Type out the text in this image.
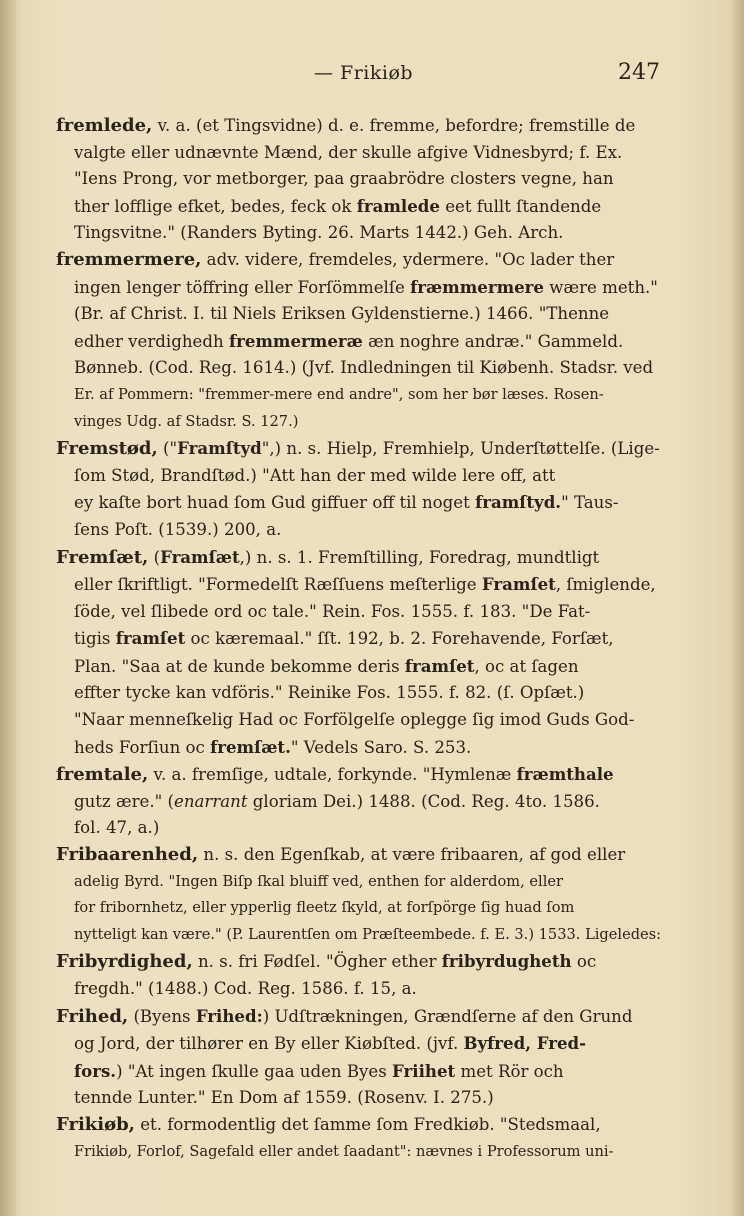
— Frikiøb	247
fremlede, v. a. (et Tingsvidne) d. e. fremme, befordre; fremstille de
valgte eller udnævnte Mænd, der skulle afgive Vidnesbyrd; f. Ex.
"Iens Prong, vor metborger, paa graabrödre closters vegne, han
ther lofflige efket, bedes, feck ok framlede eet fullt ſtandende
Tingsvitne." (Randers Byting. 26. Marts 1442.) Geh. Arch.
fremmermere, adv. videre, fremdeles, ydermere. "Oc lader ther
ingen lenger töffring eller Forſömmelſe fræmmermere wære meth."
(Br. af Christ. I. til Niels Eriksen Gyldenstierne.) 1466. "Thenne
edher verdighedh fremmermeræ æn noghre andræ." Gammeld.
Bønneb. (Cod. Reg. 1614.) (Jvf. Indledningen til Kiøbenh. Stadsr. ved
Er. af Pommern: "fremmer-mere end andre", som her bør læses. Rosen-
vinges Udg. af Stadsr. S. 127.)
Fremstød, ("Framſtyd",) n. s. Hielp, Fremhielp, Underſtøttelſe. (Lige-
ſom Stød, Brandſtød.) "Att han der med wilde lere off, att
ey kaſte bort huad ſom Gud giffuer off til noget framſtyd." Taus-
ſens Poſt. (1539.) 200, a.
Fremſæt, (Framſæt,) n. s. 1. Fremſtilling, Foredrag, mundtligt
eller ſkriftligt. "Formedelſt Ræſſuens meſterlige Framſet, ſmiglende,
ſöde, vel ſlibede ord oc tale." Rein. Fos. 1555. f. 183. "De Fat-
tigis framſet oc kæremaal." ſſt. 192, b. 2. Forehavende, Forſæt,
Plan. "Saa at de kunde bekomme deris framſet, oc at ſagen
effter tycke kan vdföris." Reinike Fos. 1555. f. 82. (ſ. Opſæt.)
"Naar menneſkelig Had oc Forfölgelſe oplegge ſig imod Guds God-
heds Forſiun oc fremſæt." Vedels Saro. S. 253.
fremtale, v. a. fremſige, udtale, forkynde. "Hymlenæ fræmthale
gutz ære." (enarrant gloriam Dei.) 1488. (Cod. Reg. 4to. 1586.
fol. 47, a.)
Fribaarenhed, n. s. den Egenſkab, at være fribaaren, af god eller
adelig Byrd. "Ingen Biſp ſkal bluiff ved, enthen for alderdom, eller
for fribornhetz, eller ypperlig fleetz ſkyld, at forſpörge ſig huad ſom
nytteligt kan være." (P. Laurentſen om Præſteembede. f. E. 3.) 1533. Ligeledes:
Fribyrdighed, n. s. fri Fødſel. "Ögher ether fribyrdugheth oc
fregdh." (1488.) Cod. Reg. 1586. f. 15, a.
Frihed, (Byens Frihed:) Udſtrækningen, Grændſerne af den Grund
og Jord, der tilhører en By eller Kiøbſted. (jvf. Byfred, Fred-
fors.) "At ingen ſkulle gaa uden Byes Friihet met Rör och
tennde Lunter." En Dom af 1559. (Rosenv. I. 275.)
Frikiøb, et. formodentlig det ſamme ſom Fredkiøb. "Stedsmaal,
Frikiøb, Forlof, Sagefald eller andet ſaadant": nævnes i Professorum uni-
